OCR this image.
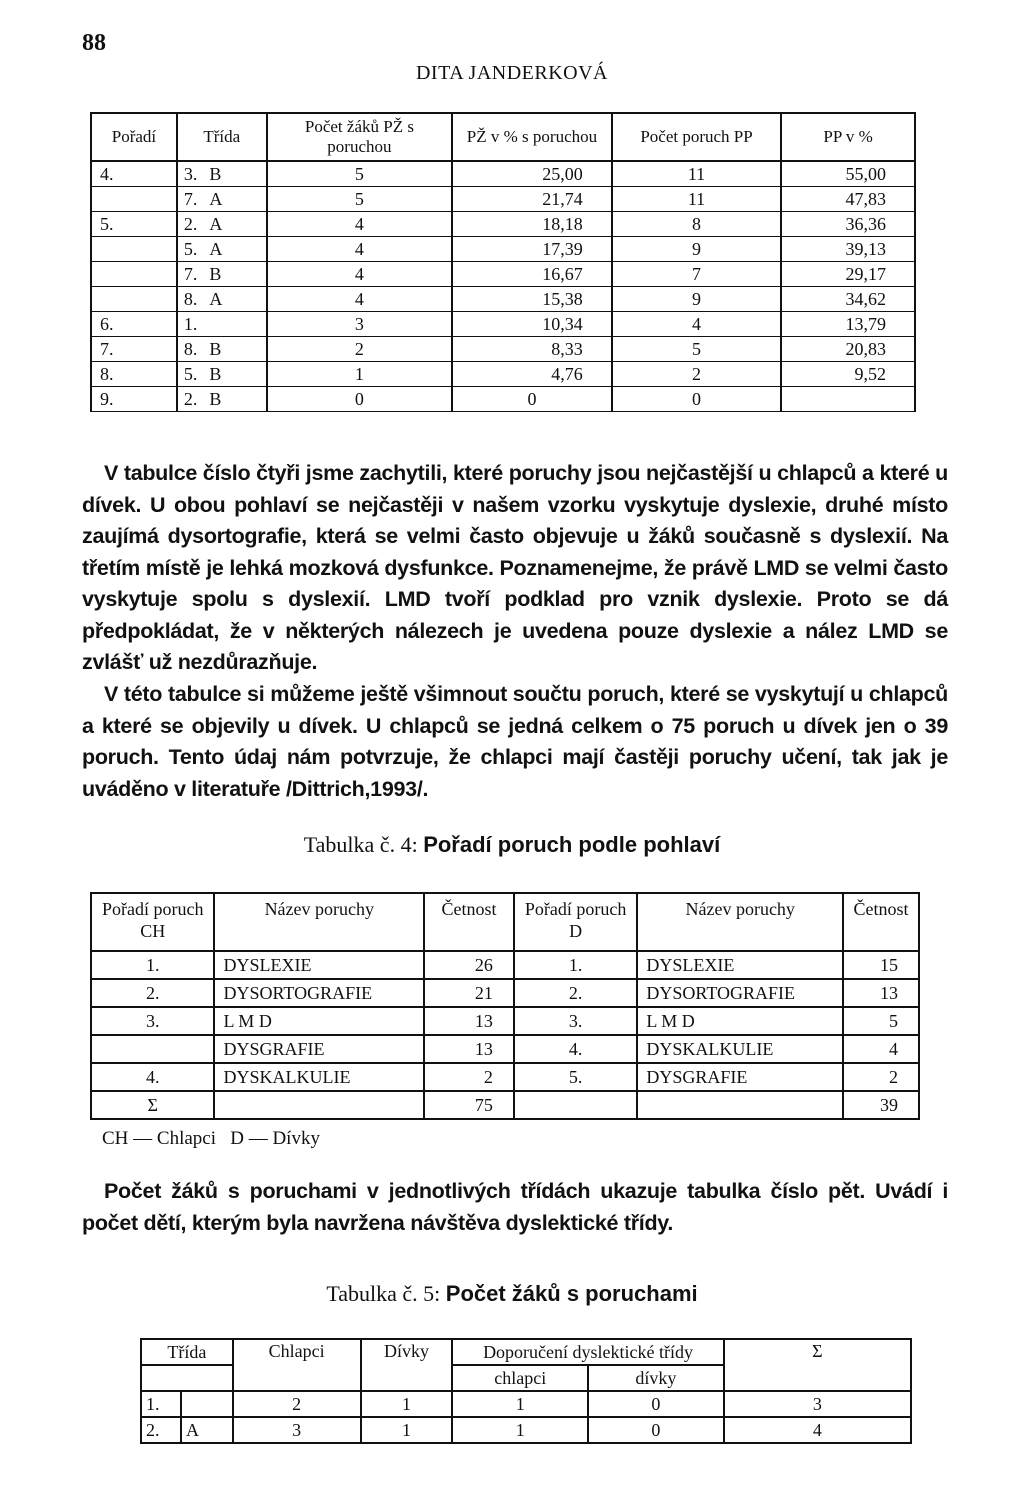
88
DITA JANDERKOVÁ
Pořadí	Třída	Počet žáků PŽ s poruchou	PŽ v % s poruchou	Počet poruch PP	PP v %
4.	3. B	5	25,00	11	55,00
	7. A	5	21,74	11	47,83
5.	2. A	4	18,18	8	36,36
	5. A	4	17,39	9	39,13
	7. B	4	16,67	7	29,17
	8. A	4	15,38	9	34,62
6.	1.	3	10,34	4	13,79
7.	8. B	2	8,33	5	20,83
8.	5. B	1	4,76	2	9,52
9.	2. B	0	0	0	
V tabulce číslo čtyři jsme zachytili, které poruchy jsou nejčastější u chlapců a které u dívek. U obou pohlaví se nejčastěji v našem vzorku vyskytuje dyslexie, druhé místo zaujímá dysortografie, která se velmi často objevuje u žáků současně s dyslexií. Na třetím místě je lehká mozková dysfunkce. Poznamenejme, že právě LMD se velmi často vyskytuje spolu s dyslexií. LMD tvoří podklad pro vznik dyslexie. Proto se dá předpokládat, že v některých nálezech je uvedena pouze dyslexie a nález LMD se zvlášť už nezdůrazňuje.
V této tabulce si můžeme ještě všimnout součtu poruch, které se vyskytují u chlapců a které se objevily u dívek. U chlapců se jedná celkem o 75 poruch u dívek jen o 39 poruch. Tento údaj nám potvrzuje, že chlapci mají častěji poruchy učení, tak jak je uváděno v literatuře /Dittrich,1993/.
Tabulka č. 4: Pořadí poruch podle pohlaví
Pořadí poruch CH	Název poruchy	Četnost	Pořadí poruch D	Název poruchy	Četnost
1.	DYSLEXIE	26	1.	DYSLEXIE	15
2.	DYSORTOGRAFIE	21	2.	DYSORTOGRAFIE	13
3.	L M D	13	3.	L M D	5
	DYSGRAFIE	13	4.	DYSKALKULIE	4
4.	DYSKALKULIE	2	5.	DYSGRAFIE	2
Σ		75			39
CH — Chlapci   D — Dívky
Počet žáků s poruchami v jednotlivých třídách ukazuje tabulka číslo pět. Uvádí i počet dětí, kterým byla navržena návštěva dyslektické třídy.
Tabulka č. 5: Počet žáků s poruchami
Třída		Chlapci	Dívky	Doporučení dyslektické třídy		Σ
				chlapci	dívky	
1.		2	1	1	0	3
2.	A	3	1	1	0	4
